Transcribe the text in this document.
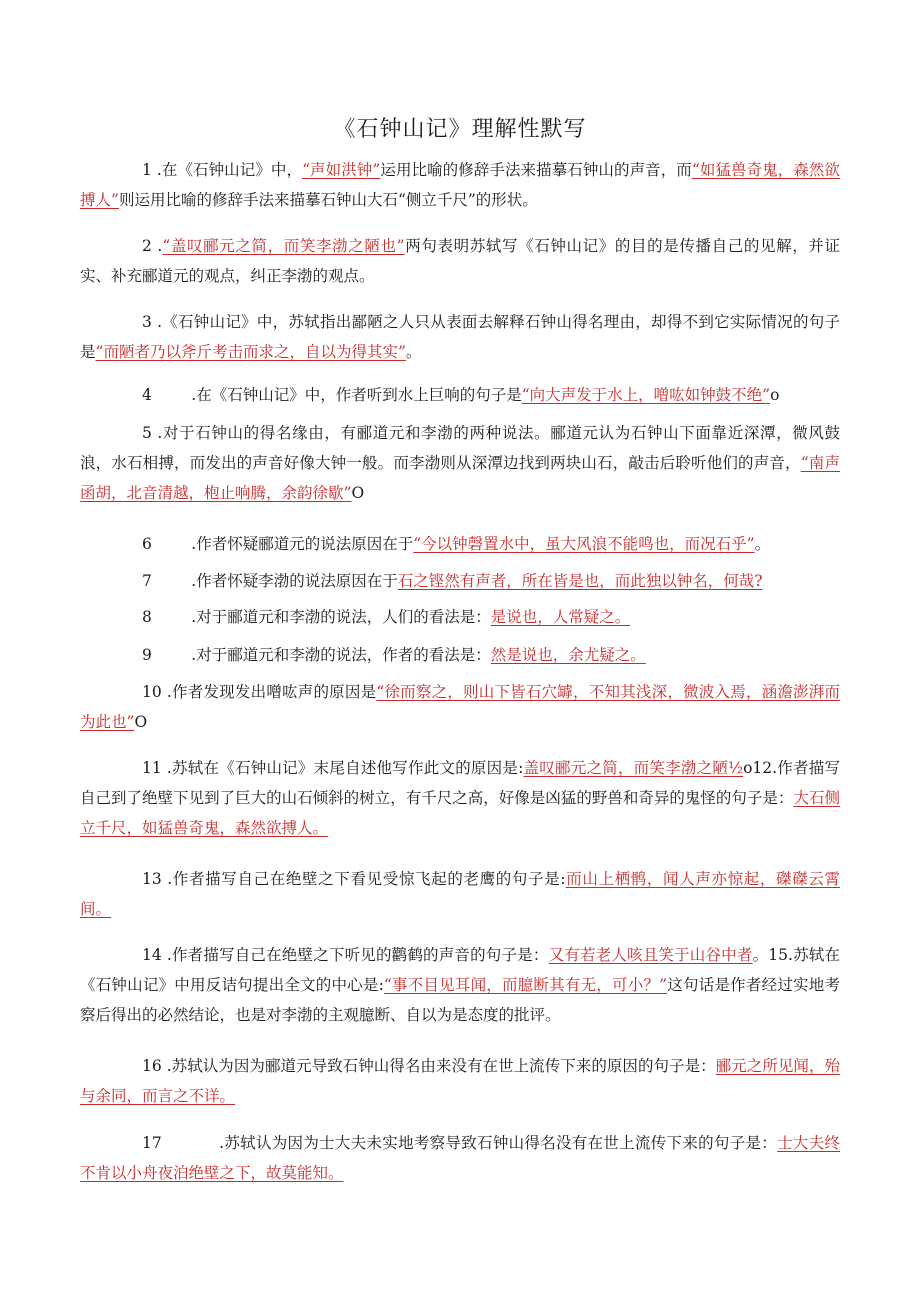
《石钟山记》理解性默写

1 .在《石钟山记》中，“声如洪钟”运用比喻的修辞手法来描摹石钟山的声音，而“如猛兽奇鬼，森然欲搏人”则运用比喻的修辞手法来描摹石钟山大石“侧立千尺”的形状。

2 .“盖叹郦元之简，而笑李渤之陋也”两句表明苏轼写《石钟山记》的目的是传播自己的见解，并证实、补充郦道元的观点，纠正李渤的观点。

3 .《石钟山记》中，苏轼指出鄙陋之人只从表面去解释石钟山得名理由，却得不到它实际情况的句子是“而陋者乃以斧斤考击而求之，自以为得其实”。

4        .在《石钟山记》中，作者听到水上巨响的句子是“向大声发于水上，噌吰如钟鼓不绝”o

5 .对于石钟山的得名缘由，有郦道元和李渤的两种说法。郦道元认为石钟山下面靠近深潭，微风鼓浪，水石相搏，而发出的声音好像大钟一般。而李渤则从深潭边找到两块山石，敲击后聆听他们的声音，“南声函胡，北音清越，枹止响腾，余韵徐歇”O

6        .作者怀疑郦道元的说法原因在于“今以钟磬置水中，虽大风浪不能鸣也，而况石乎”。

7        .作者怀疑李渤的说法原因在于石之铿然有声者，所在皆是也，而此独以钟名，何哉?

8        .对于郦道元和李渤的说法，人们的看法是：是说也，人常疑之。

9        .对于郦道元和李渤的说法，作者的看法是：然是说也，余尤疑之。

10 .作者发现发出噌吰声的原因是“徐而察之，则山下皆石穴罅，不知其浅深，微波入焉，涵澹澎湃而为此也”O

11 .苏轼在《石钟山记》末尾自述他写作此文的原因是:盖叹郦元之简，而笑李渤之陋½o12.作者描写自己到了绝壁下见到了巨大的山石倾斜的树立，有千尺之高，好像是凶猛的野兽和奇异的鬼怪的句子是：大石侧立千尺，如猛兽奇鬼，森然欲搏人。

13 .作者描写自己在绝壁之下看见受惊飞起的老鹰的句子是:而山上栖鹘，闻人声亦惊起，磔磔云霄间。

14 .作者描写自己在绝壁之下听见的鹳鹤的声音的句子是：又有若老人咳且笑于山谷中者。15.苏轼在《石钟山记》中用反诘句提出全文的中心是:“事不目见耳闻，而臆断其有无，可小？”这句话是作者经过实地考察后得出的必然结论，也是对李渤的主观臆断、自以为是态度的批评。

16 .苏轼认为因为郦道元导致石钟山得名由来没有在世上流传下来的原因的句子是：郦元之所见闻，殆与余同，而言之不详。

17           .苏轼认为因为士大夫未实地考察导致石钟山得名没有在世上流传下来的句子是：士大夫终不肯以小舟夜泊绝壁之下，故莫能知。
